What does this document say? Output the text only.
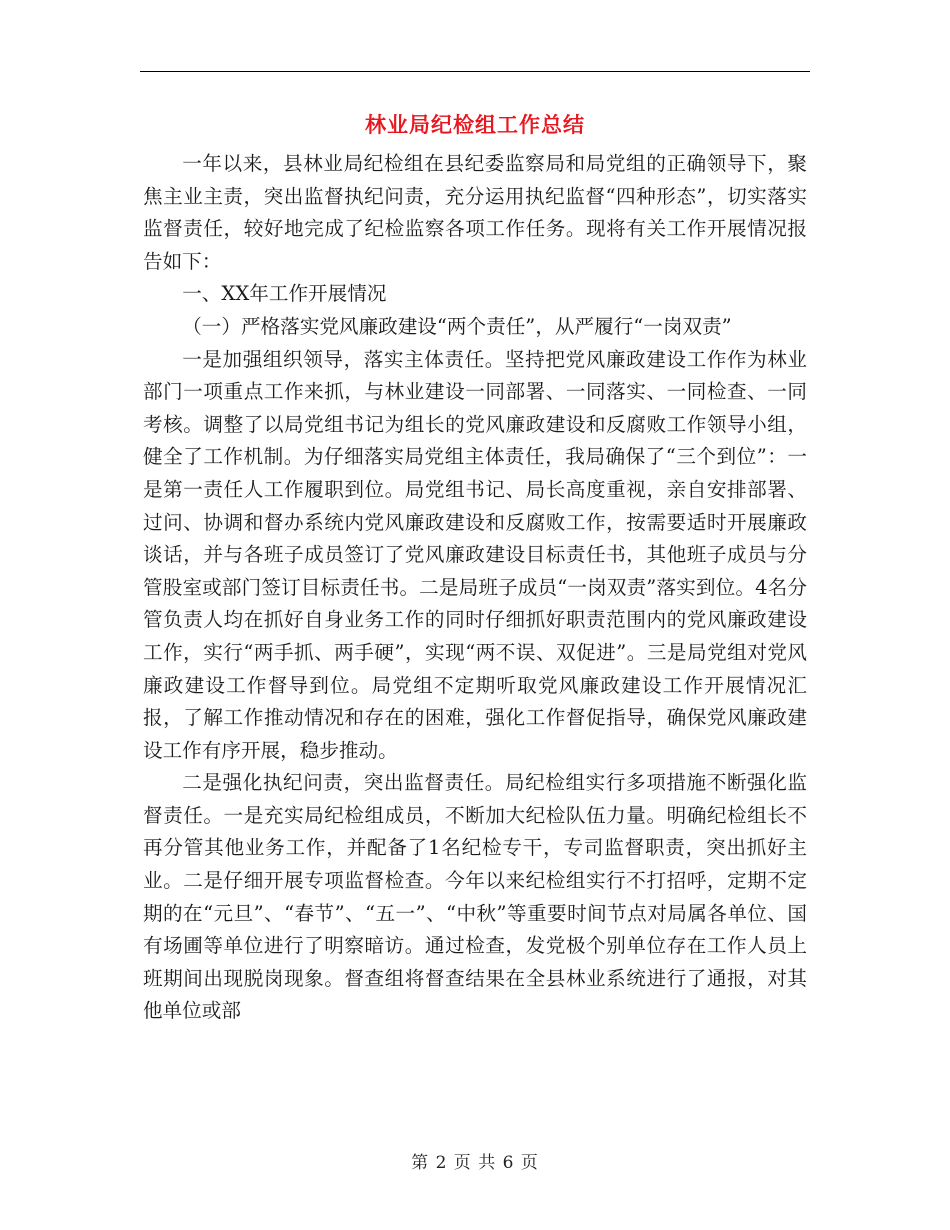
林业局纪检组工作总结

一年以来，县林业局纪检组在县纪委监察局和局党组的正确领导下，聚焦主业主责，突出监督执纪问责，充分运用执纪监督“四种形态”，切实落实监督责任，较好地完成了纪检监察各项工作任务。现将有关工作开展情况报告如下：

一、XX年工作开展情况

（一）严格落实党风廉政建设“两个责任”，从严履行“一岗双责”

一是加强组织领导，落实主体责任。坚持把党风廉政建设工作作为林业部门一项重点工作来抓，与林业建设一同部署、一同落实、一同检查、一同考核。调整了以局党组书记为组长的党风廉政建设和反腐败工作领导小组，健全了工作机制。为仔细落实局党组主体责任，我局确保了“三个到位”：一是第一责任人工作履职到位。局党组书记、局长高度重视，亲自安排部署、过问、协调和督办系统内党风廉政建设和反腐败工作，按需要适时开展廉政谈话，并与各班子成员签订了党风廉政建设目标责任书，其他班子成员与分管股室或部门签订目标责任书。二是局班子成员“一岗双责”落实到位。4名分管负责人均在抓好自身业务工作的同时仔细抓好职责范围内的党风廉政建设工作，实行“两手抓、两手硬”，实现“两不误、双促进”。三是局党组对党风廉政建设工作督导到位。局党组不定期听取党风廉政建设工作开展情况汇报，了解工作推动情况和存在的困难，强化工作督促指导，确保党风廉政建设工作有序开展，稳步推动。

二是强化执纪问责，突出监督责任。局纪检组实行多项措施不断强化监督责任。一是充实局纪检组成员，不断加大纪检队伍力量。明确纪检组长不再分管其他业务工作，并配备了1名纪检专干，专司监督职责，突出抓好主业。二是仔细开展专项监督检查。今年以来纪检组实行不打招呼，定期不定期的在“元旦”、“春节”、“五一”、“中秋”等重要时间节点对局属各单位、国有场圃等单位进行了明察暗访。通过检查，发党极个别单位存在工作人员上班期间出现脱岗现象。督查组将督查结果在全县林业系统进行了通报，对其他单位或部

第 2 页 共 6 页
